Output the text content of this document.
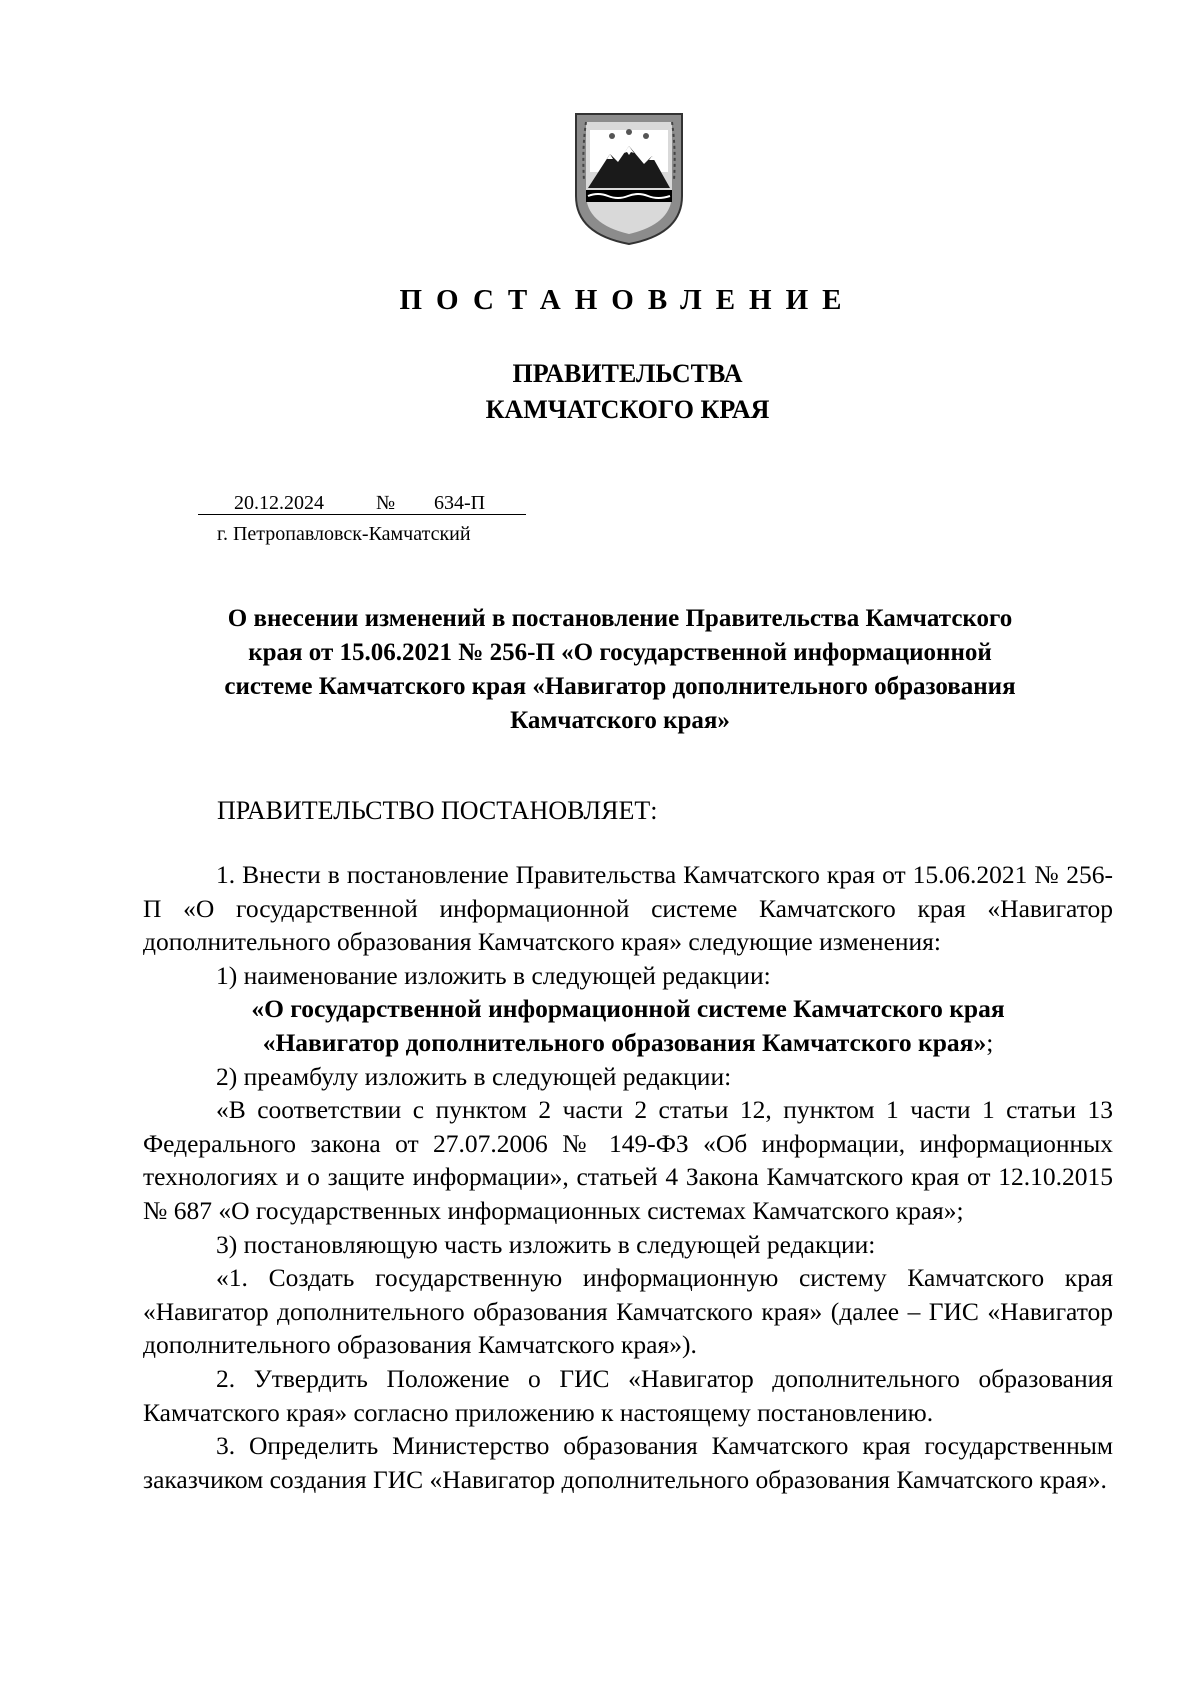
ПОСТАНОВЛЕНИЕ
ПРАВИТЕЛЬСТВА
КАМЧАТСКОГО КРАЯ
20.12.2024	№ 634-П
г. Петропавловск-Камчатский
О внесении изменений в постановление Правительства Камчатского
края от 15.06.2021 № 256-П «О государственной информационной
системе Камчатского края «Навигатор дополнительного образования
Камчатского края»
ПРАВИТЕЛЬСТВО ПОСТАНОВЛЯЕТ:

1. Внести в постановление Правительства Камчатского края от 15.06.2021 № 256-П «О государственной информационной системе Камчатского края «Навигатор дополнительного образования Камчатского края» следующие изменения:

1) наименование изложить в следующей редакции:

«О государственной информационной системе Камчатского края
«Навигатор дополнительного образования Камчатского края»;

2) преамбулу изложить в следующей редакции:

«В соответствии с пунктом 2 части 2 статьи 12, пунктом 1 части 1 статьи 13 Федерального закона от 27.07.2006 № 149-ФЗ «Об информации, информационных технологиях и о защите информации», статьей 4 Закона Камчатского края от 12.10.2015 № 687 «О государственных информационных системах Камчатского края»;

3) постановляющую часть изложить в следующей редакции:

«1. Создать государственную информационную систему Камчатского края «Навигатор дополнительного образования Камчатского края» (далее – ГИС «Навигатор дополнительного образования Камчатского края»).

2. Утвердить Положение о ГИС «Навигатор дополнительного образования Камчатского края» согласно приложению к настоящему постановлению.

3. Определить Министерство образования Камчатского края государственным заказчиком создания ГИС «Навигатор дополнительного образования Камчатского края».
